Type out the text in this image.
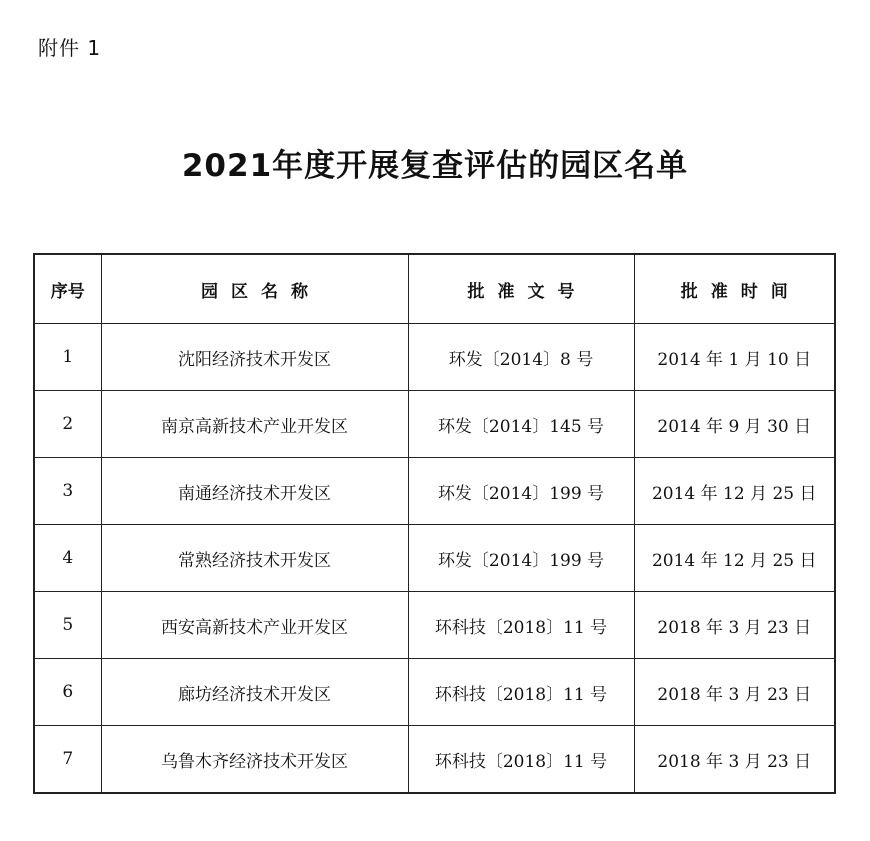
附件 1
2021年度开展复查评估的园区名单
序号	园区名称	批准文号	批准时间
1	沈阳经济技术开发区	环发〔2014〕8 号	2014 年 1 月 10 日
2	南京高新技术产业开发区	环发〔2014〕145 号	2014 年 9 月 30 日
3	南通经济技术开发区	环发〔2014〕199 号	2014 年 12 月 25 日
4	常熟经济技术开发区	环发〔2014〕199 号	2014 年 12 月 25 日
5	西安高新技术产业开发区	环科技〔2018〕11 号	2018 年 3 月 23 日
6	廊坊经济技术开发区	环科技〔2018〕11 号	2018 年 3 月 23 日
7	乌鲁木齐经济技术开发区	环科技〔2018〕11 号	2018 年 3 月 23 日
